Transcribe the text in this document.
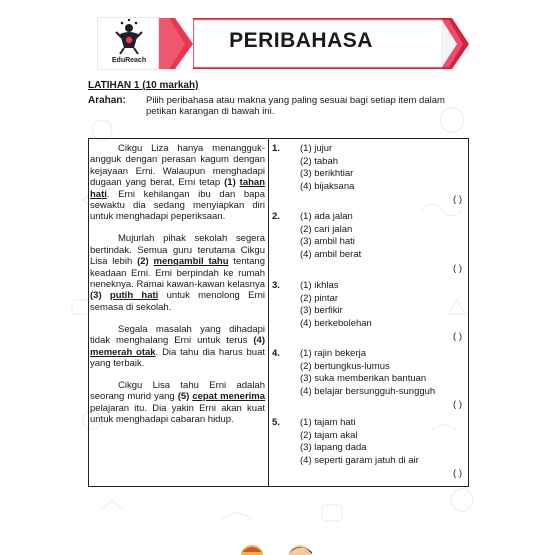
EduReach
PERIBAHASA
LATIHAN 1 (10 markah)
Arahan: Pilih peribahasa atau makna yang paling sesuai bagi setiap item dalam petikan karangan di bawah ini.

Cikgu Liza hanya menangguk-angguk dengan perasan kagum dengan kejayaan Erni. Walaupun menghadapi dugaan yang berat, Erni tetap (1) tahan hati. Erni kehilangan ibu dan bapa sewaktu dia sedang menyiapkan diri untuk menghadapi peperiksaan.

Mujurlah pihak sekolah segera bertindak. Semua guru terutama Cikgu Lisa lebih (2) mengambil tahu tentang keadaan Erni. Erni berpindah ke rumah neneknya. Ramai kawan-kawan kelasnya (3) putih hati untuk menolong Erni semasa di sekolah.

Segala masalah yang dihadapi tidak menghalang Erni untuk terus (4) memerah otak. Dia tahu dia harus buat yang terbaik.

Cikgu Lisa tahu Erni adalah seorang murid yang (5) cepat menerima pelajaran itu. Dia yakin Erni akan kuat untuk menghadapi cabaran hidup.

1. (1) jujur
(2) tabah
(3) berikhtiar
(4) bijaksana
( )
2. (1) ada jalan
(2) cari jalan
(3) ambil hati
(4) ambil berat
( )
3. (1) ikhlas
(2) pintar
(3) berfikir
(4) berkebolehan
( )
4. (1) rajin bekerja
(2) bertungkus-lumus
(3) suka memberikan bantuan
(4) belajar bersungguh-sungguh
( )
5. (1) tajam hati
(2) tajam akal
(3) lapang dada
(4) seperti garam jatuh di air
( )
